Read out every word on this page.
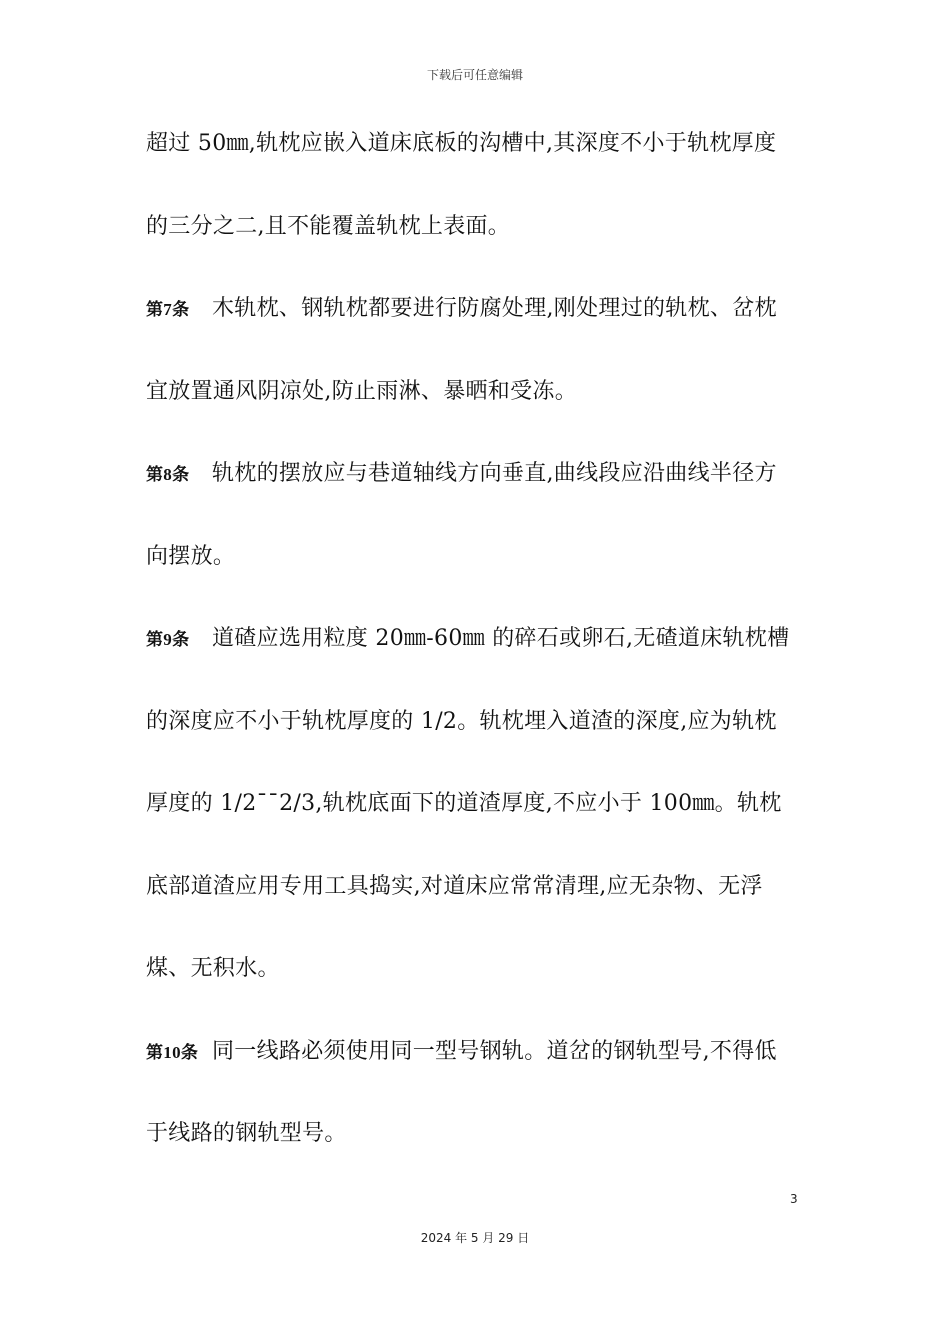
下载后可任意编辑
超过 50㎜,轨枕应嵌入道床底板的沟槽中,其深度不小于轨枕厚度
的三分之二,且不能覆盖轨枕上表面。
第7条 木轨枕、钢轨枕都要进行防腐处理,刚处理过的轨枕、岔枕
宜放置通风阴凉处,防止雨淋、暴晒和受冻。
第8条 轨枕的摆放应与巷道轴线方向垂直,曲线段应沿曲线半径方
向摆放。
第9条 道碴应选用粒度 20㎜-60㎜ 的碎石或卵石,无碴道床轨枕槽
的深度应不小于轨枕厚度的 1/2。轨枕埋入道渣的深度,应为轨枕
厚度的 1/2¯¯2/3,轨枕底面下的道渣厚度,不应小于 100㎜。轨枕
底部道渣应用专用工具捣实,对道床应常常清理,应无杂物、无浮
煤、无积水。
第10条 同一线路必须使用同一型号钢轨。道岔的钢轨型号,不得低
于线路的钢轨型号。
3
2024 年 5 月 29 日
